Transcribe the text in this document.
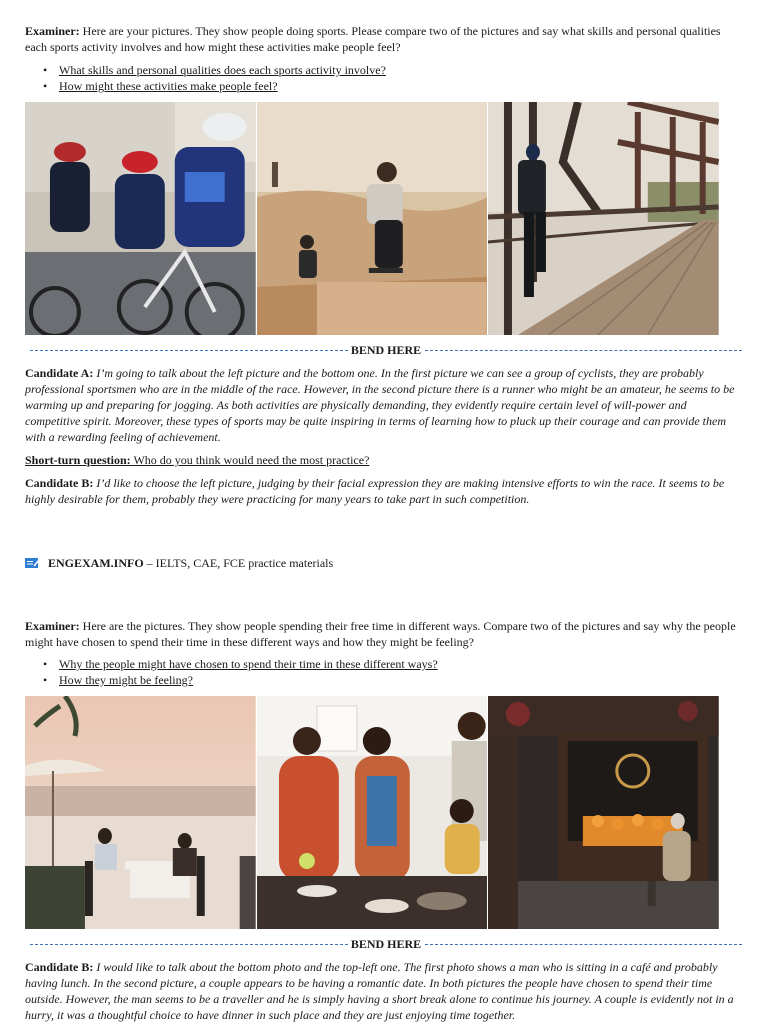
Examiner: Here are your pictures. They show people doing sports. Please compare two of the pictures and say what skills and personal qualities each sports activity involves and how might these activities make people feel?

• What skills and personal qualities does each sports activity involve?
• How might these activities make people feel?
BEND HERE

Candidate A: I’m going to talk about the left picture and the bottom one. In the first picture we can see a group of cyclists, they are probably professional sportsmen who are in the middle of the race. However, in the second picture there is a runner who might be an amateur, he seems to be warming up and preparing for jogging. As both activities are physically demanding, they evidently require certain level of will-power and competitive spirit. Moreover, these types of sports may be quite inspiring in terms of learning how to pluck up their courage and can provide them with a rewarding feeling of achievement.

Short-turn question: Who do you think would need the most practice?

Candidate B: I’d like to choose the left picture, judging by their facial expression they are making intensive efforts to win the race. It seems to be highly desirable for them, probably they were practicing for many years to take part in such competition.

ENGEXAM.INFO – IELTS, CAE, FCE practice materials

Examiner: Here are the pictures. They show people spending their free time in different ways. Compare two of the pictures and say why the people might have chosen to spend their time in these different ways and how they might be feeling?

• Why the people might have chosen to spend their time in these different ways?
• How they might be feeling?
BEND HERE

Candidate B: I would like to talk about the bottom photo and the top-left one. The first photo shows a man who is sitting in a café and probably having lunch. In the second picture, a couple appears to be having a romantic date. In both pictures the people have chosen to spend their time outside. However, the man seems to be a traveller and he is simply having a short break alone to continue his journey. A couple is evidently not in a hurry, it was a thoughtful choice to have dinner in such place and they are just enjoying time together.
